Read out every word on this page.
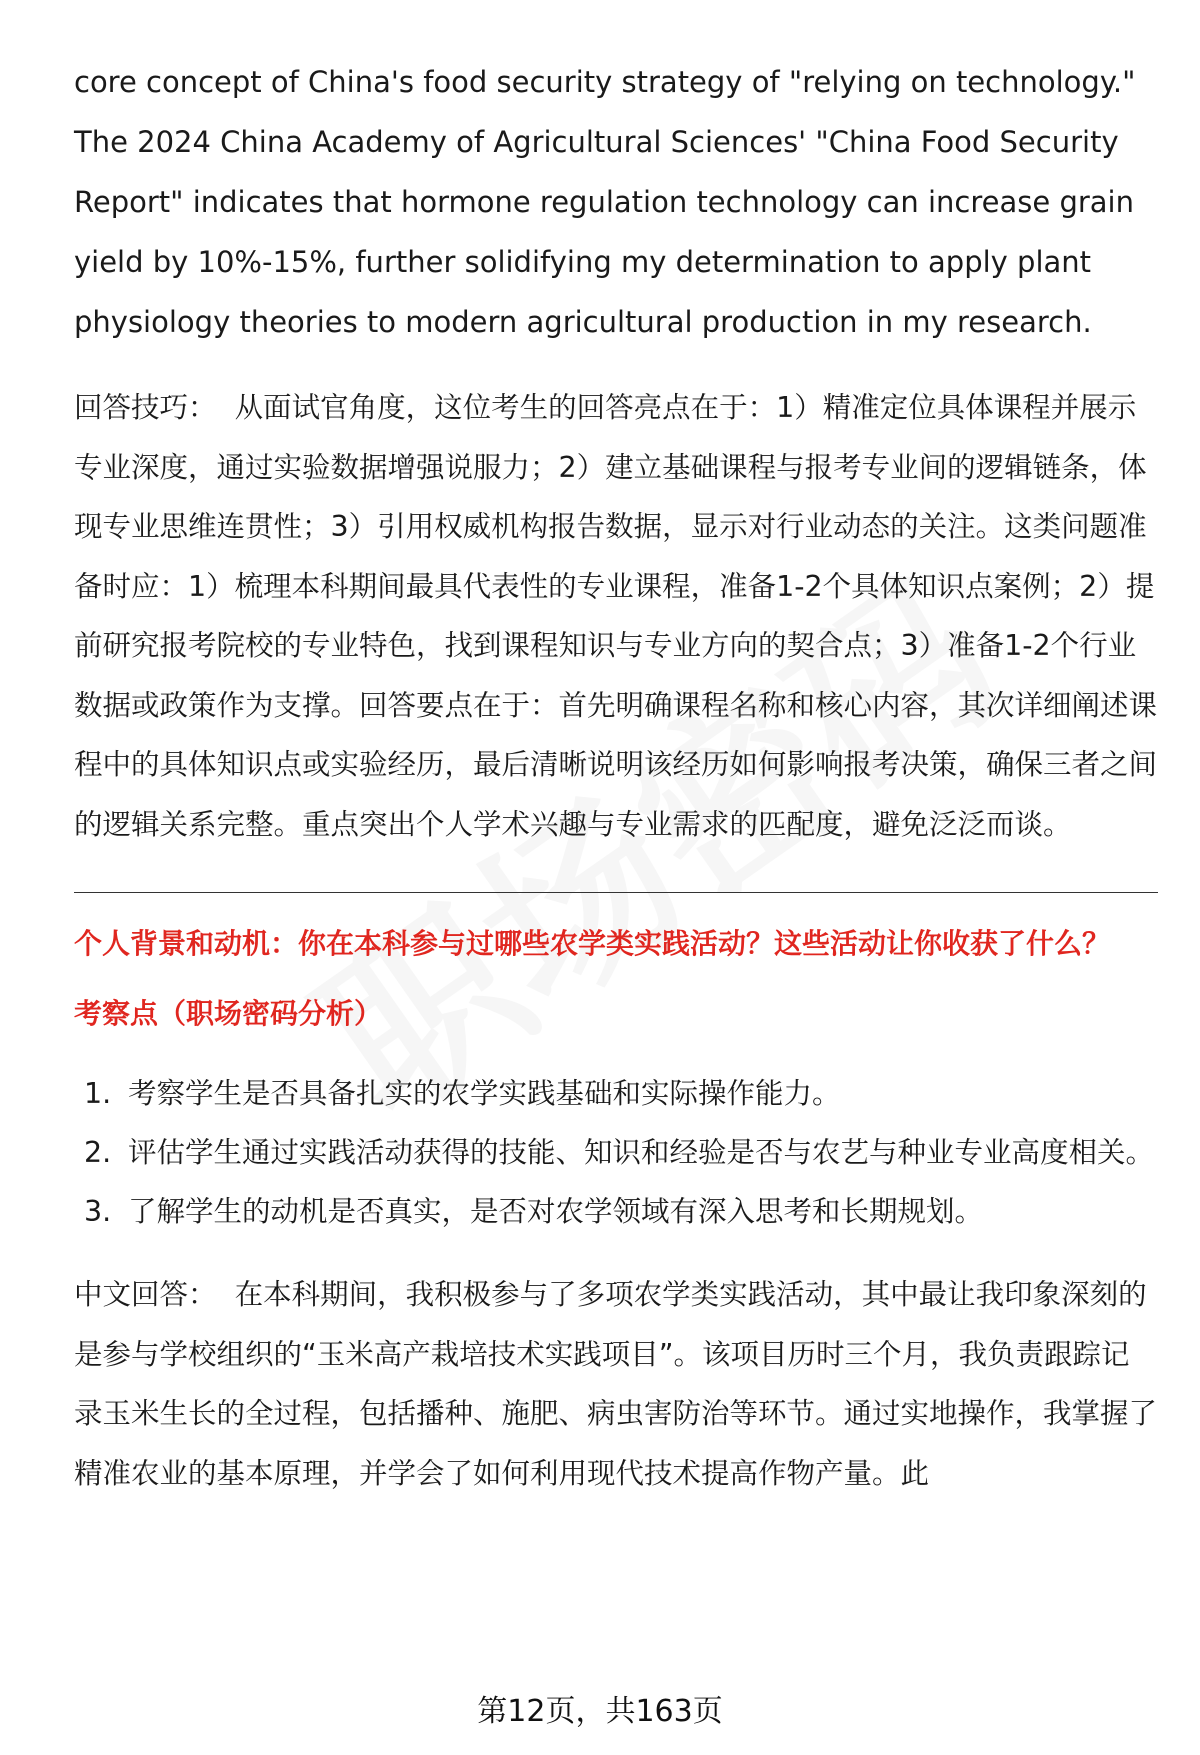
core concept of China's food security strategy of "relying on technology." The 2024 China Academy of Agricultural Sciences' "China Food Security Report" indicates that hormone regulation technology can increase grain yield by 10%-15%, further solidifying my determination to apply plant physiology theories to modern agricultural production in my research.

回答技巧： 从面试官角度，这位考生的回答亮点在于：1）精准定位具体课程并展示专业深度，通过实验数据增强说服力；2）建立基础课程与报考专业间的逻辑链条，体现专业思维连贯性；3）引用权威机构报告数据，显示对行业动态的关注。这类问题准备时应：1）梳理本科期间最具代表性的专业课程，准备1-2个具体知识点案例；2）提前研究报考院校的专业特色，找到课程知识与专业方向的契合点；3）准备1-2个行业数据或政策作为支撑。回答要点在于：首先明确课程名称和核心内容，其次详细阐述课程中的具体知识点或实验经历，最后清晰说明该经历如何影响报考决策，确保三者之间的逻辑关系完整。重点突出个人学术兴趣与专业需求的匹配度，避免泛泛而谈。

个人背景和动机：你在本科参与过哪些农学类实践活动？这些活动让你收获了什么？

考察点（职场密码分析）

1. 考察学生是否具备扎实的农学实践基础和实际操作能力。
2. 评估学生通过实践活动获得的技能、知识和经验是否与农艺与种业专业高度相关。
3. 了解学生的动机是否真实，是否对农学领域有深入思考和长期规划。

中文回答： 在本科期间，我积极参与了多项农学类实践活动，其中最让我印象深刻的是参与学校组织的“玉米高产栽培技术实践项目”。该项目历时三个月，我负责跟踪记录玉米生长的全过程，包括播种、施肥、病虫害防治等环节。通过实地操作，我掌握了精准农业的基本原理，并学会了如何利用现代技术提高作物产量。此

第12页，共163页
